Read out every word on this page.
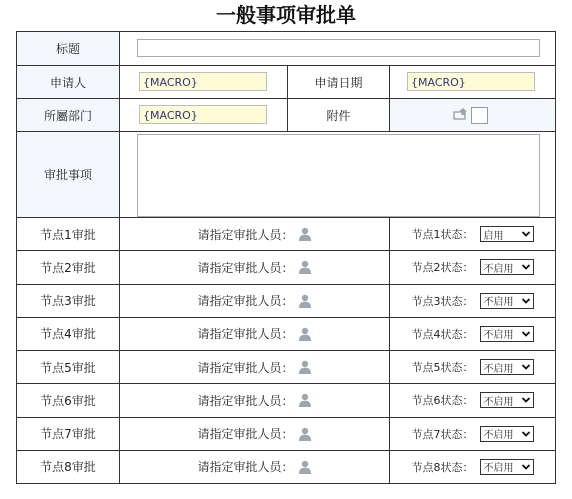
一般事项审批单
标题
申请人	{MACRO}	申请日期	{MACRO}
所屬部门	{MACRO}	附件
审批事项
节点1审批	请指定审批人员：	节点1状态： 启用
节点2审批	请指定审批人员：	节点2状态： 不启用
节点3审批	请指定审批人员：	节点3状态： 不启用
节点4审批	请指定审批人员：	节点4状态： 不启用
节点5审批	请指定审批人员：	节点5状态： 不启用
节点6审批	请指定审批人员：	节点6状态： 不启用
节点7审批	请指定审批人员：	节点7状态： 不启用
节点8审批	请指定审批人员：	节点8状态： 不启用
